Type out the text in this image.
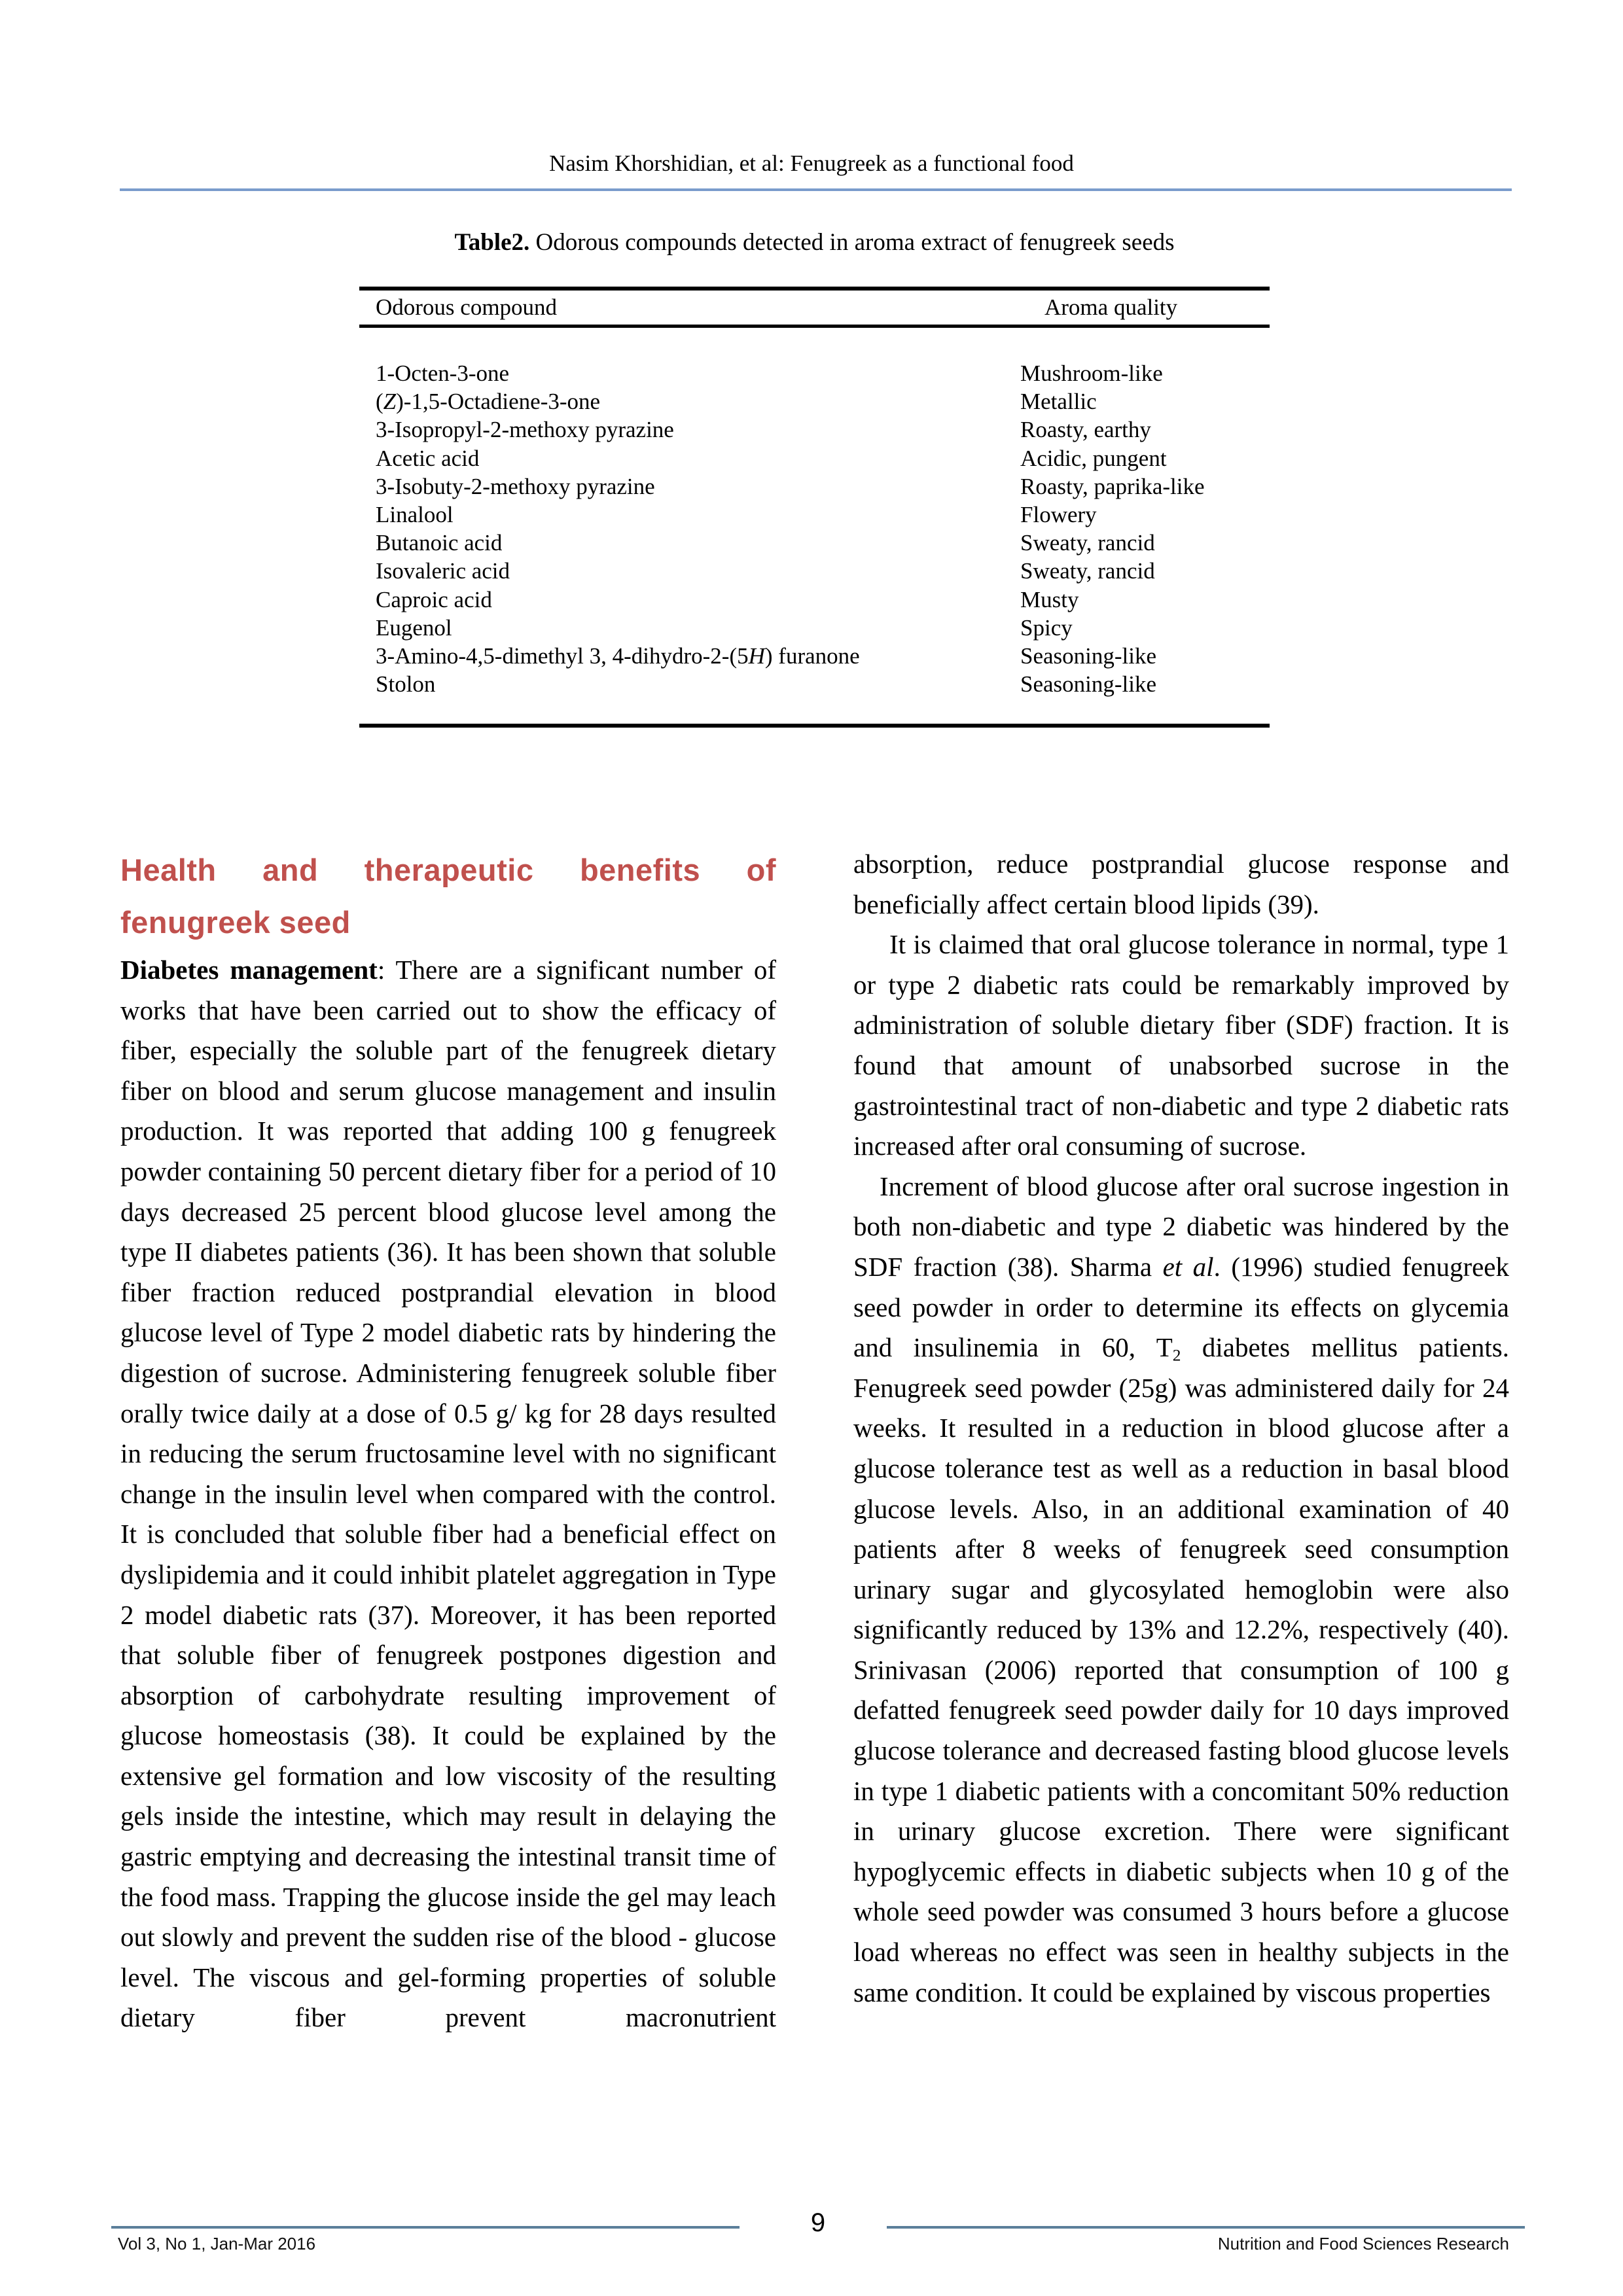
Nasim Khorshidian, et al: Fenugreek as a functional food
Table2. Odorous compounds detected in aroma extract of fenugreek seeds
Odorous compound	Aroma quality
1-Octen-3-one	Mushroom-like
(Z)-1,5-Octadiene-3-one	Metallic
3-Isopropyl-2-methoxy pyrazine	Roasty, earthy
Acetic acid	Acidic, pungent
3-Isobuty-2-methoxy pyrazine	Roasty, paprika-like
Linalool	Flowery
Butanoic acid	Sweaty, rancid
Isovaleric acid	Sweaty, rancid
Caproic acid	Musty
Eugenol	Spicy
3-Amino-4,5-dimethyl 3, 4-dihydro-2-(5H) furanone	Seasoning-like
Stolon	Seasoning-like
Health and therapeutic benefits of fenugreek seed

Diabetes management: There are a significant number of works that have been carried out to show the efficacy of fiber, especially the soluble part of the fenugreek dietary fiber on blood and serum glucose management and insulin production. It was reported that adding 100 g fenugreek powder containing 50 percent dietary fiber for a period of 10 days decreased 25 percent blood glucose level among the type II diabetes patients (36). It has been shown that soluble fiber fraction reduced postprandial elevation in blood glucose level of Type 2 model diabetic rats by hindering the digestion of sucrose. Administering fenugreek soluble fiber orally twice daily at a dose of 0.5 g/ kg for 28 days resulted in reducing the serum fructosamine level with no significant change in the insulin level when compared with the control. It is concluded that soluble fiber had a beneficial effect on dyslipidemia and it could inhibit platelet aggregation in Type 2 model diabetic rats (37). Moreover, it has been reported that soluble fiber of fenugreek postpones digestion and absorption of carbohydrate resulting improvement of glucose homeostasis (38). It could be explained by the extensive gel formation and low viscosity of the resulting gels inside the intestine, which may result in delaying the gastric emptying and decreasing the intestinal transit time of the food mass. Trapping the glucose inside the gel may leach out slowly and prevent the sudden rise of the blood - glucose level. The viscous and gel-forming properties of soluble dietary fiber prevent macronutrient

absorption, reduce postprandial glucose response and beneficially affect certain blood lipids (39).

It is claimed that oral glucose tolerance in normal, type 1 or type 2 diabetic rats could be remarkably improved by administration of soluble dietary fiber (SDF) fraction. It is found that amount of unabsorbed sucrose in the gastrointestinal tract of non-diabetic and type 2 diabetic rats increased after oral consuming of sucrose.

Increment of blood glucose after oral sucrose ingestion in both non-diabetic and type 2 diabetic was hindered by the SDF fraction (38). Sharma et al. (1996) studied fenugreek seed powder in order to determine its effects on glycemia and insulinemia in 60, $T_2$ diabetes mellitus patients. Fenugreek seed powder (25g) was administered daily for 24 weeks. It resulted in a reduction in blood glucose after a glucose tolerance test as well as a reduction in basal blood glucose levels. Also, in an additional examination of 40 patients after 8 weeks of fenugreek seed consumption urinary sugar and glycosylated hemoglobin were also significantly reduced by 13% and 12.2%, respectively (40). Srinivasan (2006) reported that consumption of 100 g defatted fenugreek seed powder daily for 10 days improved glucose tolerance and decreased fasting blood glucose levels in type 1 diabetic patients with a concomitant 50% reduction in urinary glucose excretion. There were significant hypoglycemic effects in diabetic subjects when 10 g of the whole seed powder was consumed 3 hours before a glucose load whereas no effect was seen in healthy subjects in the same condition. It could be explained by viscous properties

9
Vol 3, No 1, Jan-Mar 2016	Nutrition and Food Sciences Research
